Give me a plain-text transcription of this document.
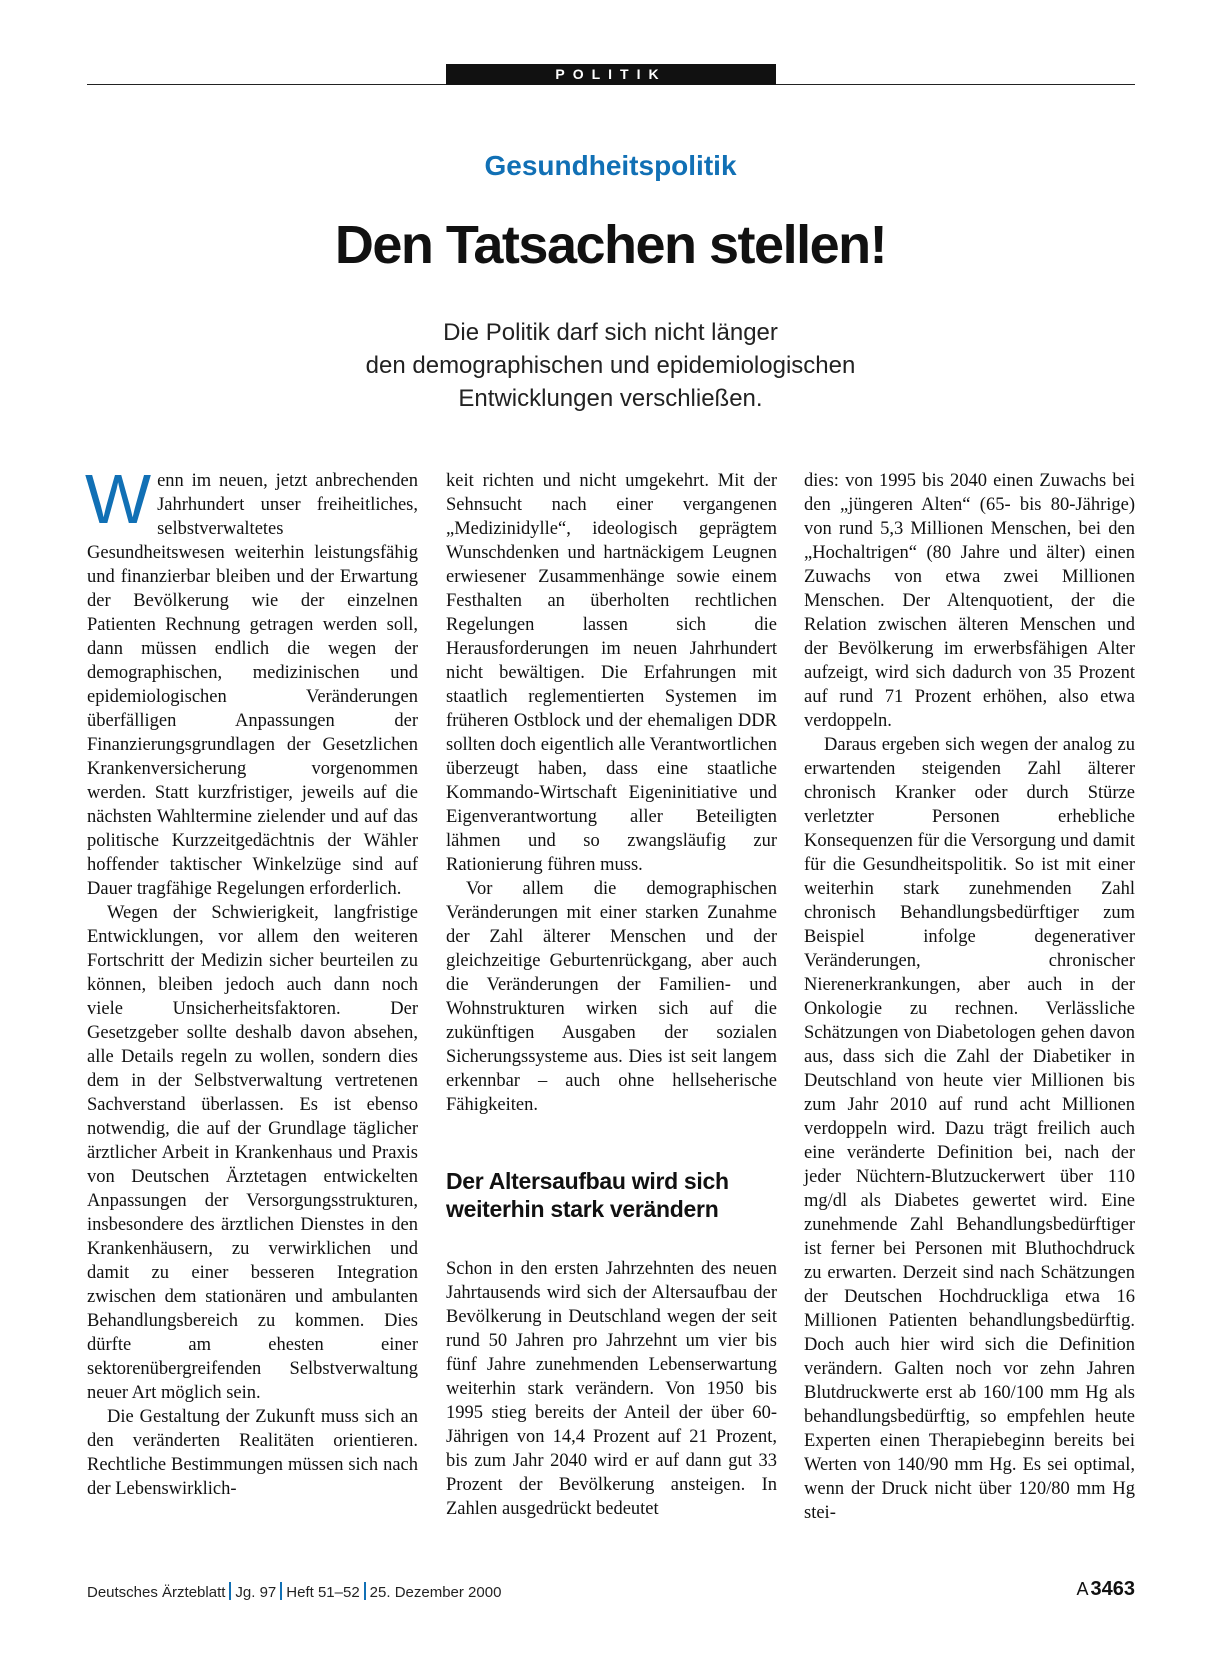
POLITIK
Gesundheitspolitik
Den Tatsachen stellen!
Die Politik darf sich nicht länger
den demographischen und epidemiologischen
Entwicklungen verschließen.

Wenn im neuen, jetzt anbrechenden Jahrhundert unser freiheitliches, selbstverwaltetes Gesundheitswesen weiterhin leistungsfähig und finanzierbar bleiben und der Erwartung der Bevölkerung wie der einzelnen Patienten Rechnung getragen werden soll, dann müssen endlich die wegen der demographischen, medizinischen und epidemiologischen Veränderungen überfälligen Anpassungen der Finanzierungsgrundlagen der Gesetzlichen Krankenversicherung vorgenommen werden. Statt kurzfristiger, jeweils auf die nächsten Wahltermine zielender und auf das politische Kurzzeitgedächtnis der Wähler hoffender taktischer Winkelzüge sind auf Dauer tragfähige Regelungen erforderlich.

Wegen der Schwierigkeit, langfristige Entwicklungen, vor allem den weiteren Fortschritt der Medizin sicher beurteilen zu können, bleiben jedoch auch dann noch viele Unsicherheitsfaktoren. Der Gesetzgeber sollte deshalb davon absehen, alle Details regeln zu wollen, sondern dies dem in der Selbstverwaltung vertretenen Sachverstand überlassen. Es ist ebenso notwendig, die auf der Grundlage täglicher ärztlicher Arbeit in Krankenhaus und Praxis von Deutschen Ärztetagen entwickelten Anpassungen der Versorgungsstrukturen, insbesondere des ärztlichen Dienstes in den Krankenhäusern, zu verwirklichen und damit zu einer besseren Integration zwischen dem stationären und ambulanten Behandlungsbereich zu kommen. Dies dürfte am ehesten einer sektorenübergreifenden Selbstverwaltung neuer Art möglich sein.

Die Gestaltung der Zukunft muss sich an den veränderten Realitäten orientieren. Rechtliche Bestimmungen müssen sich nach der Lebenswirklich-

keit richten und nicht umgekehrt. Mit der Sehnsucht nach einer vergangenen „Medizinidylle“, ideologisch geprägtem Wunschdenken und hartnäckigem Leugnen erwiesener Zusammenhänge sowie einem Festhalten an überholten rechtlichen Regelungen lassen sich die Herausforderungen im neuen Jahrhundert nicht bewältigen. Die Erfahrungen mit staatlich reglementierten Systemen im früheren Ostblock und der ehemaligen DDR sollten doch eigentlich alle Verantwortlichen überzeugt haben, dass eine staatliche Kommando-Wirtschaft Eigeninitiative und Eigenverantwortung aller Beteiligten lähmen und so zwangsläufig zur Rationierung führen muss.

Vor allem die demographischen Veränderungen mit einer starken Zunahme der Zahl älterer Menschen und der gleichzeitige Geburtenrückgang, aber auch die Veränderungen der Familien- und Wohnstrukturen wirken sich auf die zukünftigen Ausgaben der sozialen Sicherungssysteme aus. Dies ist seit langem erkennbar – auch ohne hellseherische Fähigkeiten.

Der Altersaufbau wird sich weiterhin stark verändern

Schon in den ersten Jahrzehnten des neuen Jahrtausends wird sich der Altersaufbau der Bevölkerung in Deutschland wegen der seit rund 50 Jahren pro Jahrzehnt um vier bis fünf Jahre zunehmenden Lebenserwartung weiterhin stark verändern. Von 1950 bis 1995 stieg bereits der Anteil der über 60-Jährigen von 14,4 Prozent auf 21 Prozent, bis zum Jahr 2040 wird er auf dann gut 33 Prozent der Bevölkerung ansteigen. In Zahlen ausgedrückt bedeutet

dies: von 1995 bis 2040 einen Zuwachs bei den „jüngeren Alten“ (65- bis 80-Jährige) von rund 5,3 Millionen Menschen, bei den „Hochaltrigen“ (80 Jahre und älter) einen Zuwachs von etwa zwei Millionen Menschen. Der Altenquotient, der die Relation zwischen älteren Menschen und der Bevölkerung im erwerbsfähigen Alter aufzeigt, wird sich dadurch von 35 Prozent auf rund 71 Prozent erhöhen, also etwa verdoppeln.

Daraus ergeben sich wegen der analog zu erwartenden steigenden Zahl älterer chronisch Kranker oder durch Stürze verletzter Personen erhebliche Konsequenzen für die Versorgung und damit für die Gesundheitspolitik. So ist mit einer weiterhin stark zunehmenden Zahl chronisch Behandlungsbedürftiger zum Beispiel infolge degenerativer Veränderungen, chronischer Nierenerkrankungen, aber auch in der Onkologie zu rechnen. Verlässliche Schätzungen von Diabetologen gehen davon aus, dass sich die Zahl der Diabetiker in Deutschland von heute vier Millionen bis zum Jahr 2010 auf rund acht Millionen verdoppeln wird. Dazu trägt freilich auch eine veränderte Definition bei, nach der jeder Nüchtern-Blutzuckerwert über 110 mg/dl als Diabetes gewertet wird. Eine zunehmende Zahl Behandlungsbedürftiger ist ferner bei Personen mit Bluthochdruck zu erwarten. Derzeit sind nach Schätzungen der Deutschen Hochdruckliga etwa 16 Millionen Patienten behandlungsbedürftig. Doch auch hier wird sich die Definition verändern. Galten noch vor zehn Jahren Blutdruckwerte erst ab 160/100 mm Hg als behandlungsbedürftig, so empfehlen heute Experten einen Therapiebeginn bereits bei Werten von 140/90 mm Hg. Es sei optimal, wenn der Druck nicht über 120/80 mm Hg stei-

Deutsches Ärzteblatt Jg. 97 Heft 51–52 25. Dezember 2000	A 3463
